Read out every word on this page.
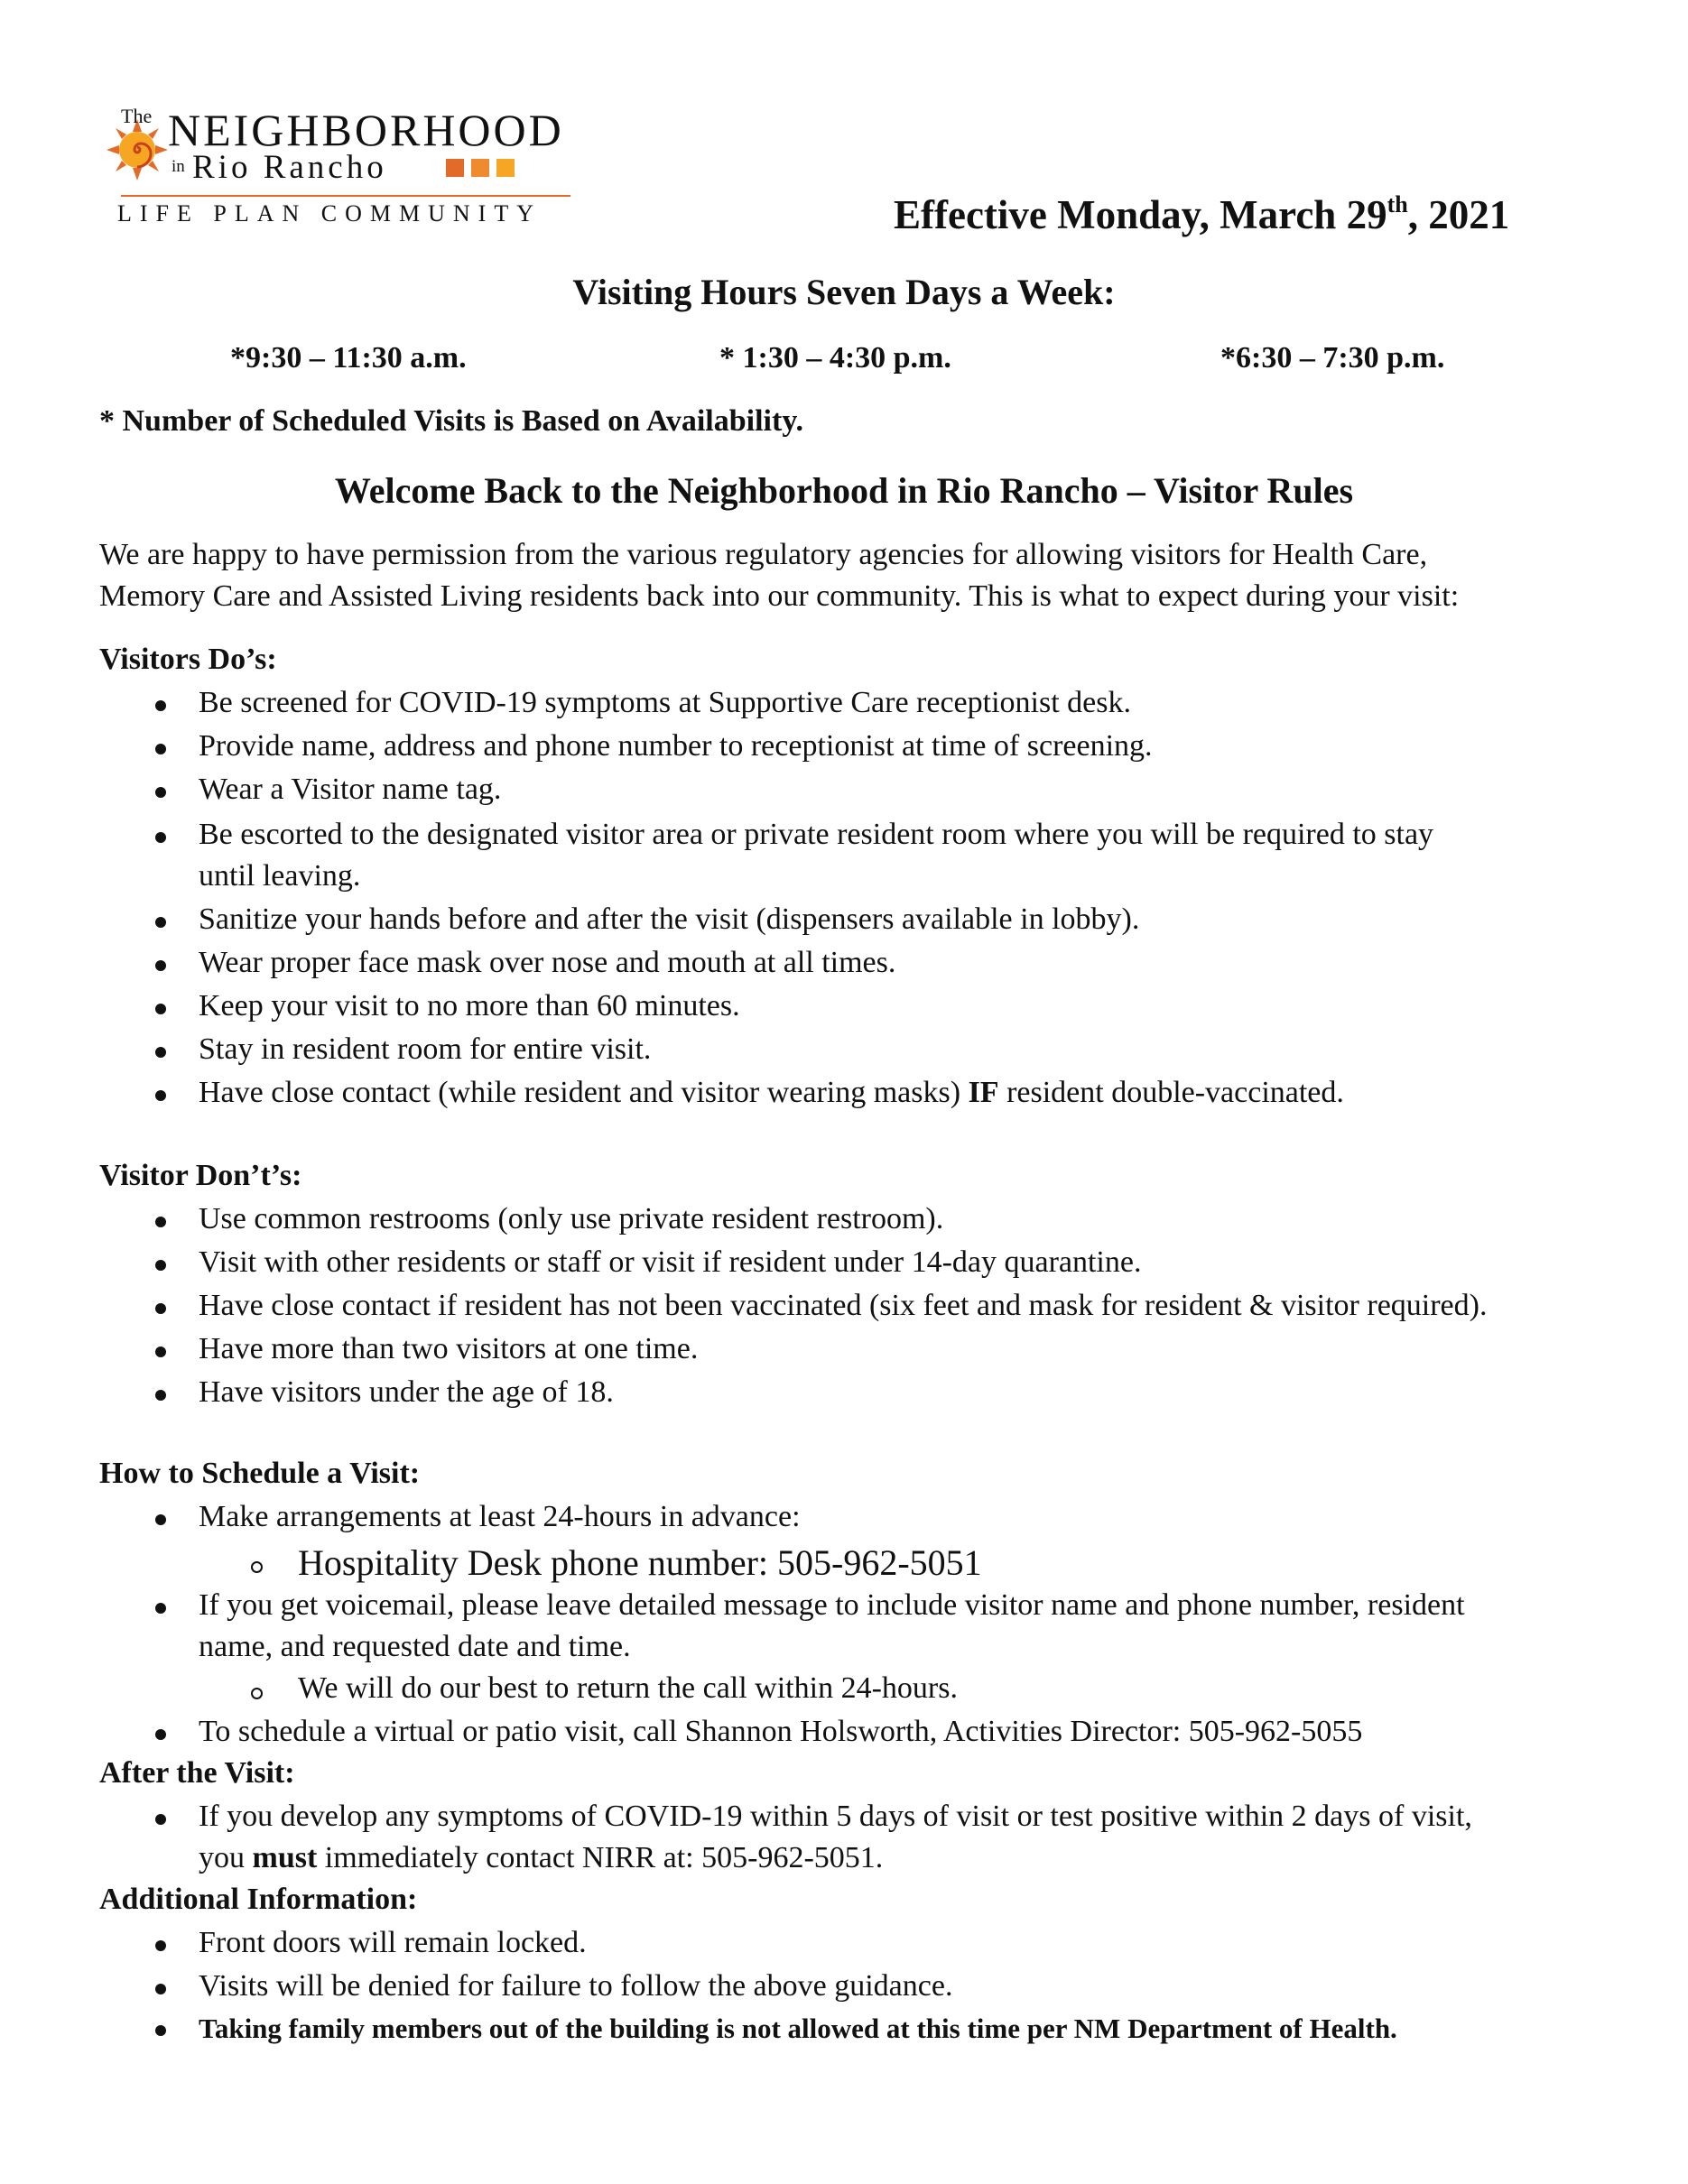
The NEIGHBORHOOD
in Rio Rancho
LIFE PLAN COMMUNITY	Effective Monday, March 29th, 2021
Visiting Hours Seven Days a Week:
*9:30 – 11:30 a.m.	* 1:30 – 4:30 p.m.	*6:30 – 7:30 p.m.
* Number of Scheduled Visits is Based on Availability.
Welcome Back to the Neighborhood in Rio Rancho – Visitor Rules
We are happy to have permission from the various regulatory agencies for allowing visitors for Health Care,
Memory Care and Assisted Living residents back into our community. This is what to expect during your visit:
Visitors Do’s:
Be screened for COVID-19 symptoms at Supportive Care receptionist desk.
Provide name, address and phone number to receptionist at time of screening.
Wear a Visitor name tag.
Be escorted to the designated visitor area or private resident room where you will be required to stay
until leaving.
Sanitize your hands before and after the visit (dispensers available in lobby).
Wear proper face mask over nose and mouth at all times.
Keep your visit to no more than 60 minutes.
Stay in resident room for entire visit.
Have close contact (while resident and visitor wearing masks) IF resident double-vaccinated.
Visitor Don’t’s:
Use common restrooms (only use private resident restroom).
Visit with other residents or staff or visit if resident under 14-day quarantine.
Have close contact if resident has not been vaccinated (six feet and mask for resident & visitor required).
Have more than two visitors at one time.
Have visitors under the age of 18.
How to Schedule a Visit:
Make arrangements at least 24-hours in advance:
Hospitality Desk phone number: 505-962-5051
If you get voicemail, please leave detailed message to include visitor name and phone number, resident
name, and requested date and time.
We will do our best to return the call within 24-hours.
To schedule a virtual or patio visit, call Shannon Holsworth, Activities Director: 505-962-5055
After the Visit:
If you develop any symptoms of COVID-19 within 5 days of visit or test positive within 2 days of visit,
you must immediately contact NIRR at: 505-962-5051.
Additional Information:
Front doors will remain locked.
Visits will be denied for failure to follow the above guidance.
Taking family members out of the building is not allowed at this time per NM Department of Health.
